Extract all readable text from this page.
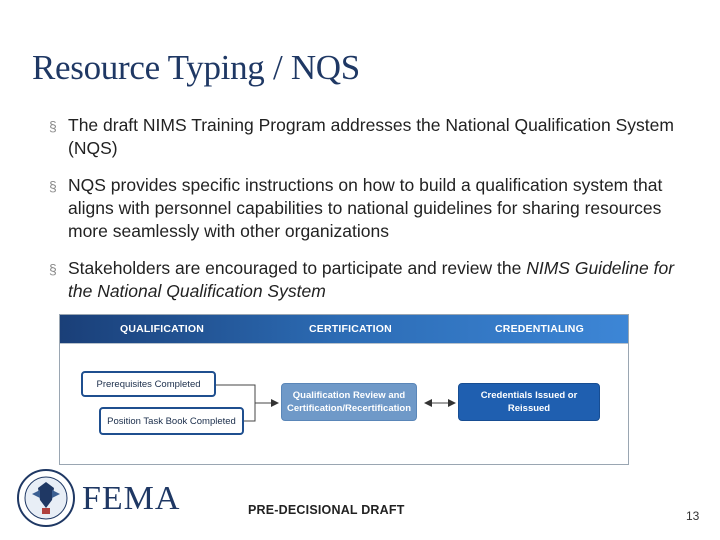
Resource Typing / NQS
§ The draft NIMS Training Program addresses the National Qualification System (NQS)
§ NQS provides specific instructions on how to build a qualification system that aligns with personnel capabilities to national guidelines for sharing resources more seamlessly with other organizations
§ Stakeholders are encouraged to participate and review the NIMS Guideline for the National Qualification System
QUALIFICATION	CERTIFICATION	CREDENTIALING
Prerequisites Completed
Position Task Book Completed
Qualification Review and Certification/Recertification
Credentials Issued or Reissued
FEMA	PRE-DECISIONAL DRAFT	13
